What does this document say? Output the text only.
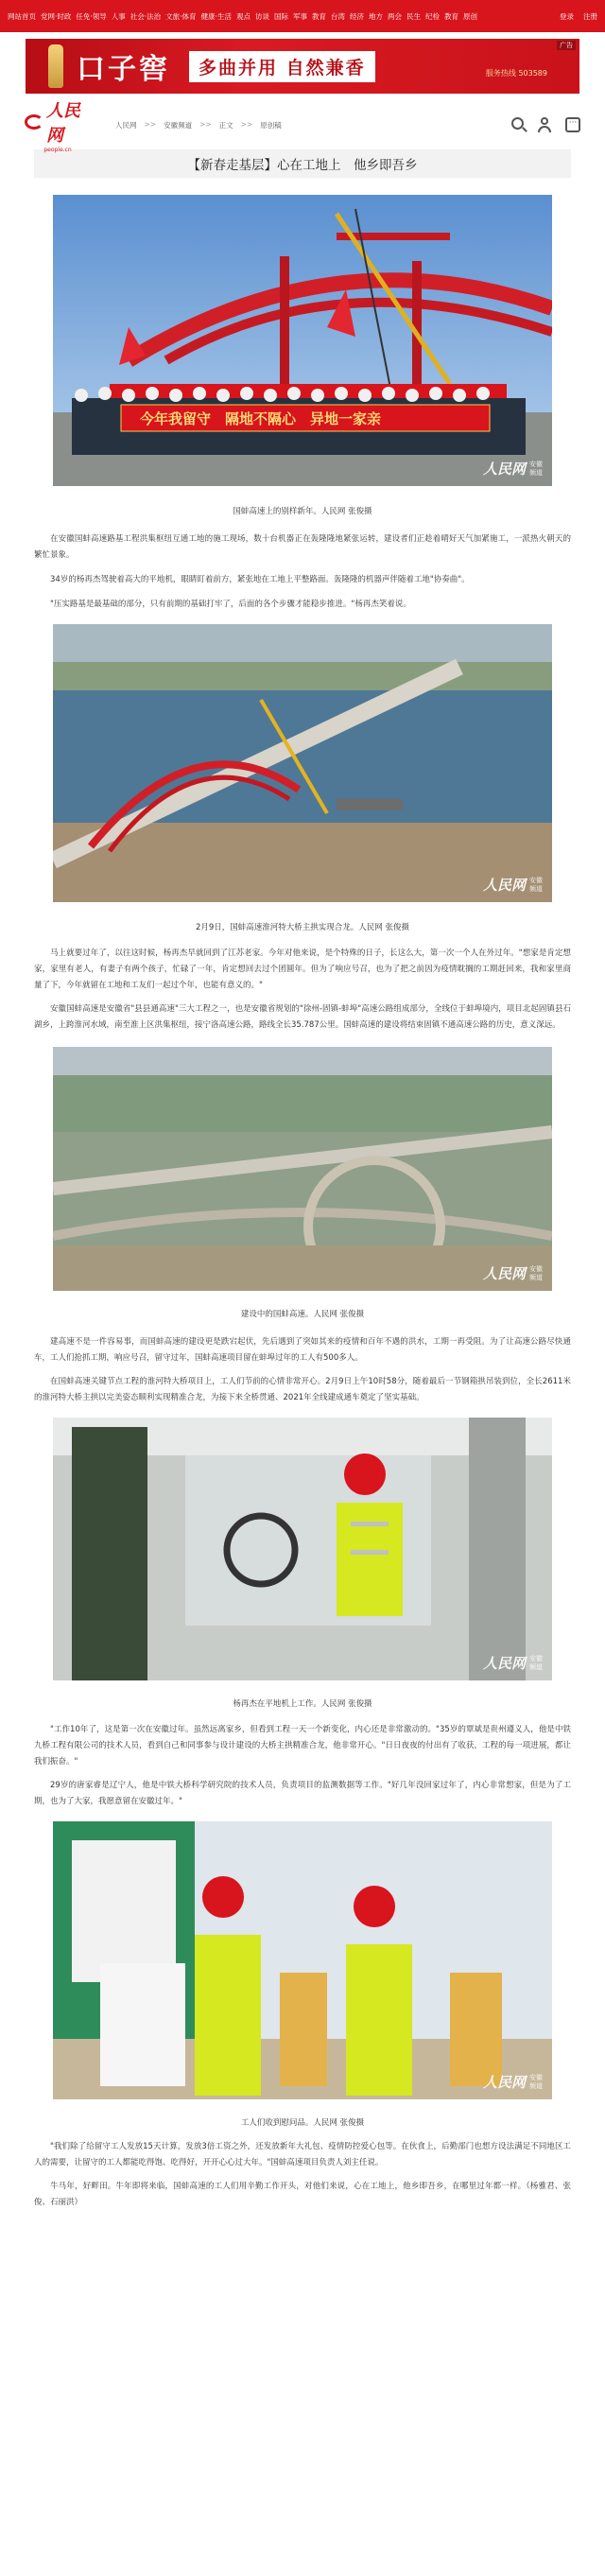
网站首页 党网·时政 任免·领导 人事 社会·法治 文旅·体育 健康·生活 观点 访谈 国际 军事 教育 台湾 经济 地方 两会 民生 纪检 教育 原创	登录 注册
口子窖	多曲并用 自然兼香	服务热线 503589
广告
人民网
people.cn
人民网 >> 安徽频道 >> 正文 >> 原创稿	···
【新春走基层】心在工地上　他乡即吾乡
今年我留守　隔地不隔心　异地一家亲
人民网 安徽
频道

国蚌高速上的别样新年。人民网 张俊摄

在安徽国蚌高速路基工程洪集枢纽互通工地的施工现场，数十台机器正在轰隆隆地紧张运转，建设者们正趁着晴好天气加紧施工，一派热火朝天的繁忙景象。

34岁的杨再杰驾驶着高大的平地机，眼睛盯着前方，紧张地在工地上平整路面。轰隆隆的机器声伴随着工地"协奏曲"。

"压实路基是最基础的部分，只有前期的基础打牢了，后面的各个步骤才能稳步推进。"杨再杰笑着说。

人民网 安徽
频道

2月9日，国蚌高速淮河特大桥主拱实现合龙。人民网 张俊摄

马上就要过年了，以往这时候，杨再杰早就回到了江苏老家。今年对他来说，是个特殊的日子，长这么大，第一次一个人在外过年。"想家是肯定想家，家里有老人，有妻子有两个孩子，忙碌了一年，肯定想回去过个团圆年。但为了响应号召，也为了把之前因为疫情耽搁的工期赶回来，我和家里商量了下，今年就留在工地和工友们一起过个年，也能有意义的。"

安徽国蚌高速是安徽省"县县通高速"三大工程之一，也是安徽省规划的"徐州-固镇-蚌埠"高速公路组成部分，全线位于蚌埠境内，项目北起固镇县石湖乡，上跨淮河水域，南至淮上区洪集枢纽，接宁洛高速公路，路线全长35.787公里。国蚌高速的建设将结束固镇不通高速公路的历史，意义深远。

人民网 安徽
频道

建设中的国蚌高速。人民网 张俊摄

建高速不是一件容易事，而国蚌高速的建设更是跌宕起伏，先后遇到了突如其来的疫情和百年不遇的洪水，工期一再受阻。为了让高速公路尽快通车，工人们抢抓工期，响应号召，留守过年，国蚌高速项目留在蚌埠过年的工人有500多人。

在国蚌高速关键节点工程的淮河特大桥项目上，工人们节前的心情非常开心。2月9日上午10时58分，随着最后一节钢箱拱吊装到位，全长2611米的淮河特大桥主拱以完美姿态顺利实现精准合龙，为接下来全桥贯通、2021年全线建成通车奠定了坚实基础。

人民网 安徽
频道

杨再杰在平地机上工作。人民网 张俊摄

"工作10年了，这是第一次在安徽过年。虽然远离家乡，但看到工程一天一个新变化，内心还是非常激动的。"35岁的覃斌是贵州遵义人，他是中铁九桥工程有限公司的技术人员，看到自己和同事参与设计建设的大桥主拱精准合龙，他非常开心。"日日夜夜的付出有了收获，工程的每一项进展，都让我们振奋。"

29岁的唐家睿是辽宁人，他是中铁大桥科学研究院的技术人员，负责项目的监测数据等工作。"好几年没回家过年了，内心非常想家，但是为了工期，也为了大家，我愿意留在安徽过年。"

人民网 安徽
频道

工人们收到慰问品。人民网 张俊摄

"我们除了给留守工人发放15天计算，发放3倍工资之外，还发放新年大礼包、疫情防控爱心包等。在伙食上，后勤部门也想方设法满足不同地区工人的需要，让留守的工人都能吃得饱、吃得好，开开心心过大年。"国蚌高速项目负责人刘主任说。

牛马年，好畔田。牛年即将来临，国蚌高速的工人们用辛勤工作开头，对他们来说，心在工地上，他乡即吾乡，在哪里过年都一样。（杨雅君、张俊、石丽洪）
